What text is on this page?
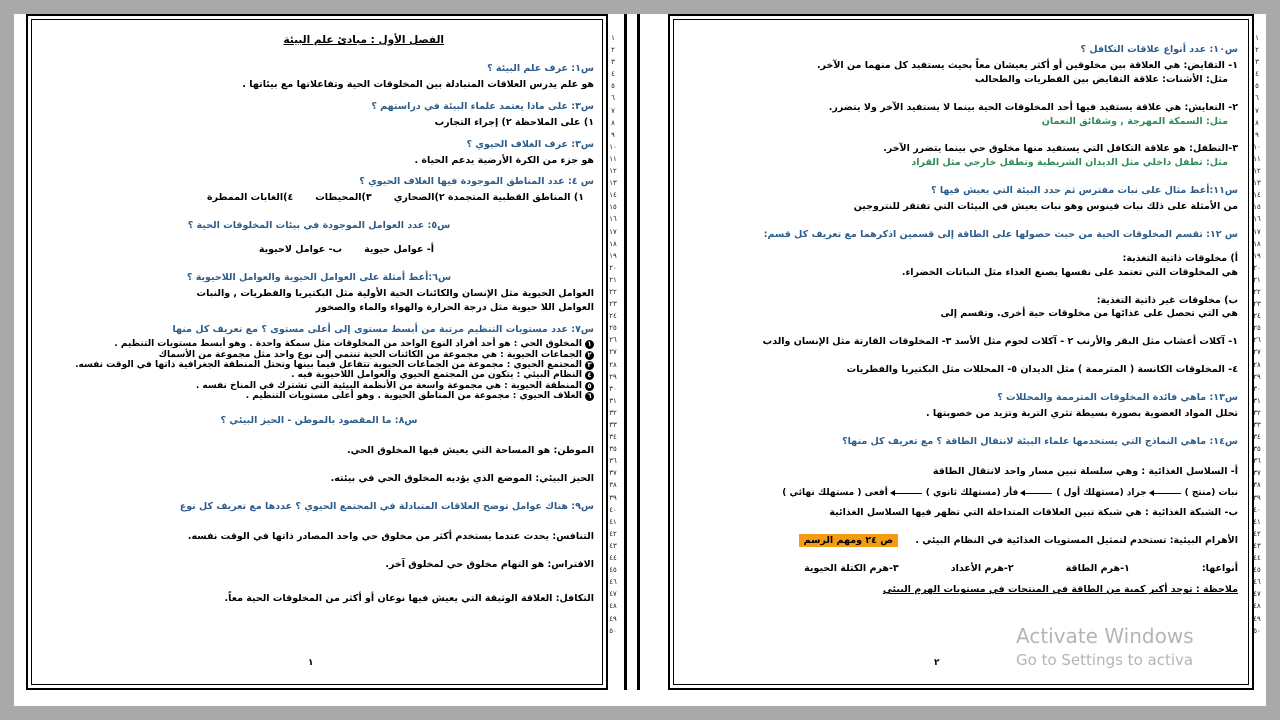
١
٢
٣
٤
٥
٦
٧
٨
٩
١٠
١١
١٢
١٣
١٤
١٥
١٦
١٧
١٨
١٩
٢٠
٢١
٢٢
٢٣
٢٤
٢٥
٢٦
٢٧
٢٨
٢٩
٣٠
٣١
٣٢
٣٣
٣٤
٣٥
٣٦
٣٧
٣٨
٣٩
٤٠
٤١
٤٢
٤٣
٤٤
٤٥
٤٦
٤٧
٤٨
٤٩
٥٠
١
٢
٣
٤
٥
٦
٧
٨
٩
١٠
١١
١٢
١٣
١٤
١٥
١٦
١٧
١٨
١٩
٢٠
٢١
٢٢
٢٣
٢٤
٢٥
٢٦
٢٧
٢٨
٢٩
٣٠
٣١
٣٢
٣٣
٣٤
٣٥
٣٦
٣٧
٣٨
٣٩
٤٠
٤١
٤٢
٤٣
٤٤
٤٥
٤٦
٤٧
٤٨
٤٩
٥٠
الفصل الأول : مبادئ علم البيئة
س١: عرف علم البيئة ؟
هو علم يدرس العلاقات المتبادلة بين المخلوقات الحية وتفاعلاتها مع بيئاتها .
س٣: على ماذا يعتمد علماء البيئة في دراستهم ؟
١) على الملاحظة ٢) إجراء التجارب
س٣: عرف الغلاف الحيوي ؟
هو جزء من الكرة الأرضية يدعم الحياة .
س ٤: عدد المناطق الموجودة فيها الغلاف الحيوي ؟
١) المناطق القطبية المتجمدة ٢)الصحاري
٣)المحيطات
٤)الغابات الممطرة
س٥: عدد العوامل الموجودة في بيئات المخلوقات الحية ؟
أ- عوامل حيوية
ب- عوامل لاحيوية
س٦:أعط أمثلة على العوامل الحيوية والعوامل اللاحيوية ؟
العوامل الحيوية مثل الإنسان والكائنات الحية الأولية مثل البكتيريا والفطريات , والنبات
العوامل اللا حيوية مثل درجة الحرارة والهواء والماء والصخور
س٧: عدد مستويات التنظيم مرتبة من أبسط مستوى إلى أعلى مستوى ؟ مع تعريف كل منها
١
المخلوق الحي : هو أحد أفراد النوع الواحد من المخلوقات مثل سمكة واحدة . وهو أبسط مستويات التنظيم .
٢
الجماعات الحيوية : هي مجموعة من الكائنات الحية تنتمي إلى نوع واحد مثل مجموعة من الأسماك
٣
المجتمع الحيوي : مجموعة من الجماعات الحيوية تتفاعل فيما بينها وتحتل المنطقة الجغرافية ذاتها في الوقت نفسه.
٤
النظام البيئي : يتكون من المجتمع الحيوي والعوامل اللاحيوية فيه .
٥
المنطقة الحيوية : هي مجموعة واسعة من الأنظمة البيئية التي تشترك في المناخ نفسه .
٦
الغلاف الحيوي : مجموعة من المناطق الحيوية . وهو أعلى مستويات التنظيم .
س٨: ما المقصود بالموطن - الحيز البيئي ؟
الموطن: هو المساحة التي يعيش فيها المخلوق الحي.
الحيز البيئي: الموضع الذي يؤديه المخلوق الحي في بيئته.
س٩: هناك عوامل توضح العلاقات المتبادلة في المجتمع الحيوي ؟ عددها مع تعريف كل نوع
التنافس: يحدث عندما يستخدم أكثر من مخلوق حي واحد المصادر ذاتها في الوقت نفسه.
الافتراس: هو التهام مخلوق حي لمخلوق آخر.
التكافل: العلاقة الوثيقة التي يعيش فيها نوعان أو أكثر من المخلوقات الحية معاً.
١
س١٠: عدد أنواع علاقات التكافل ؟
١- التقايض: هي العلاقة بين مخلوقين أو أكثر يعيشان معاً بحيث يستفيد كل منهما من الآخر.
مثل: الأشنات: علاقة التقايض بين الفطريات والطحالب
٢- التعايش: هي علاقة يستفيد فيها أحد المخلوقات الحية بينما لا يستفيد الآخر ولا يتضرر.
مثل: السمكة المهرجة , وشقائق النعمان
٣-التطفل: هو علاقة التكافل التي يستفيد منها مخلوق حي بينما يتضرر الآخر.
مثل: تطفل داخلي مثل الديدان الشريطية وتطفل خارجي مثل القراد
س١١:أعط مثال على نبات مفترس ثم حدد البيئة التي يعيش فيها ؟
من الأمثلة على ذلك نبات فينوس وهو نبات يعيش في البيئات التي تفتقر للنتروجين
س ١٢: تقسم المخلوقات الحية من حيث حصولها على الطاقة إلى قسمين اذكرهما مع تعريف كل قسم:
أ) مخلوقات ذاتية التغذية:
هي المخلوقات التي تعتمد على نفسها بصنع الغذاء مثل النباتات الخضراء.
ب) مخلوقات غير ذاتية التغذية:
هي التي تحصل على غذائها من مخلوقات حية أخرى. وتقسم إلى
١- آكلات أعشاب مثل البقر والأرنب ٢ - آكلات لحوم مثل الأسد ٣- المخلوقات القارتة مثل الإنسان والدب
٤- المخلوقات الكانسة ( المترممة ) مثل الديدان ٥- المحللات مثل البكتيريا والفطريات
س١٣: ماهي فائدة المخلوقات المترممة والمحللات ؟
تحلل المواد العضوية بصورة بسيطة تثري التربة وتزيد من خصوبتها .
س١٤: ماهي النماذج التي يستخدمها علماء البيئة لانتقال الطاقة ؟ مع تعريف كل منها؟
أ- السلاسل الغذائية : وهي سلسلة تبين مسار واحد لانتقال الطاقة
نبات (منتج )
جراد (مستهلك أول )
فأر (مستهلك ثانوي )
أفعى ( مستهلك نهائي )
ب- الشبكة الغذائية : هي شبكة تبين العلاقات المتداخلة التي تظهر فيها السلاسل الغذائية
الأهرام البيئية: تستخدم لتمثيل المستويات الغذائية في النظام البيئي . ص ٢٤ ومهم الرسم
أنواعها:
١-هرم الطاقة
٢-هرم الأعداد
٣-هرم الكتلة الحيوية
ملاحظة : توجد أكبر كمية من الطاقة في المنتجات في مستويات الهرم البيئي
٢
Activate Windows
Go to Settings to activa
